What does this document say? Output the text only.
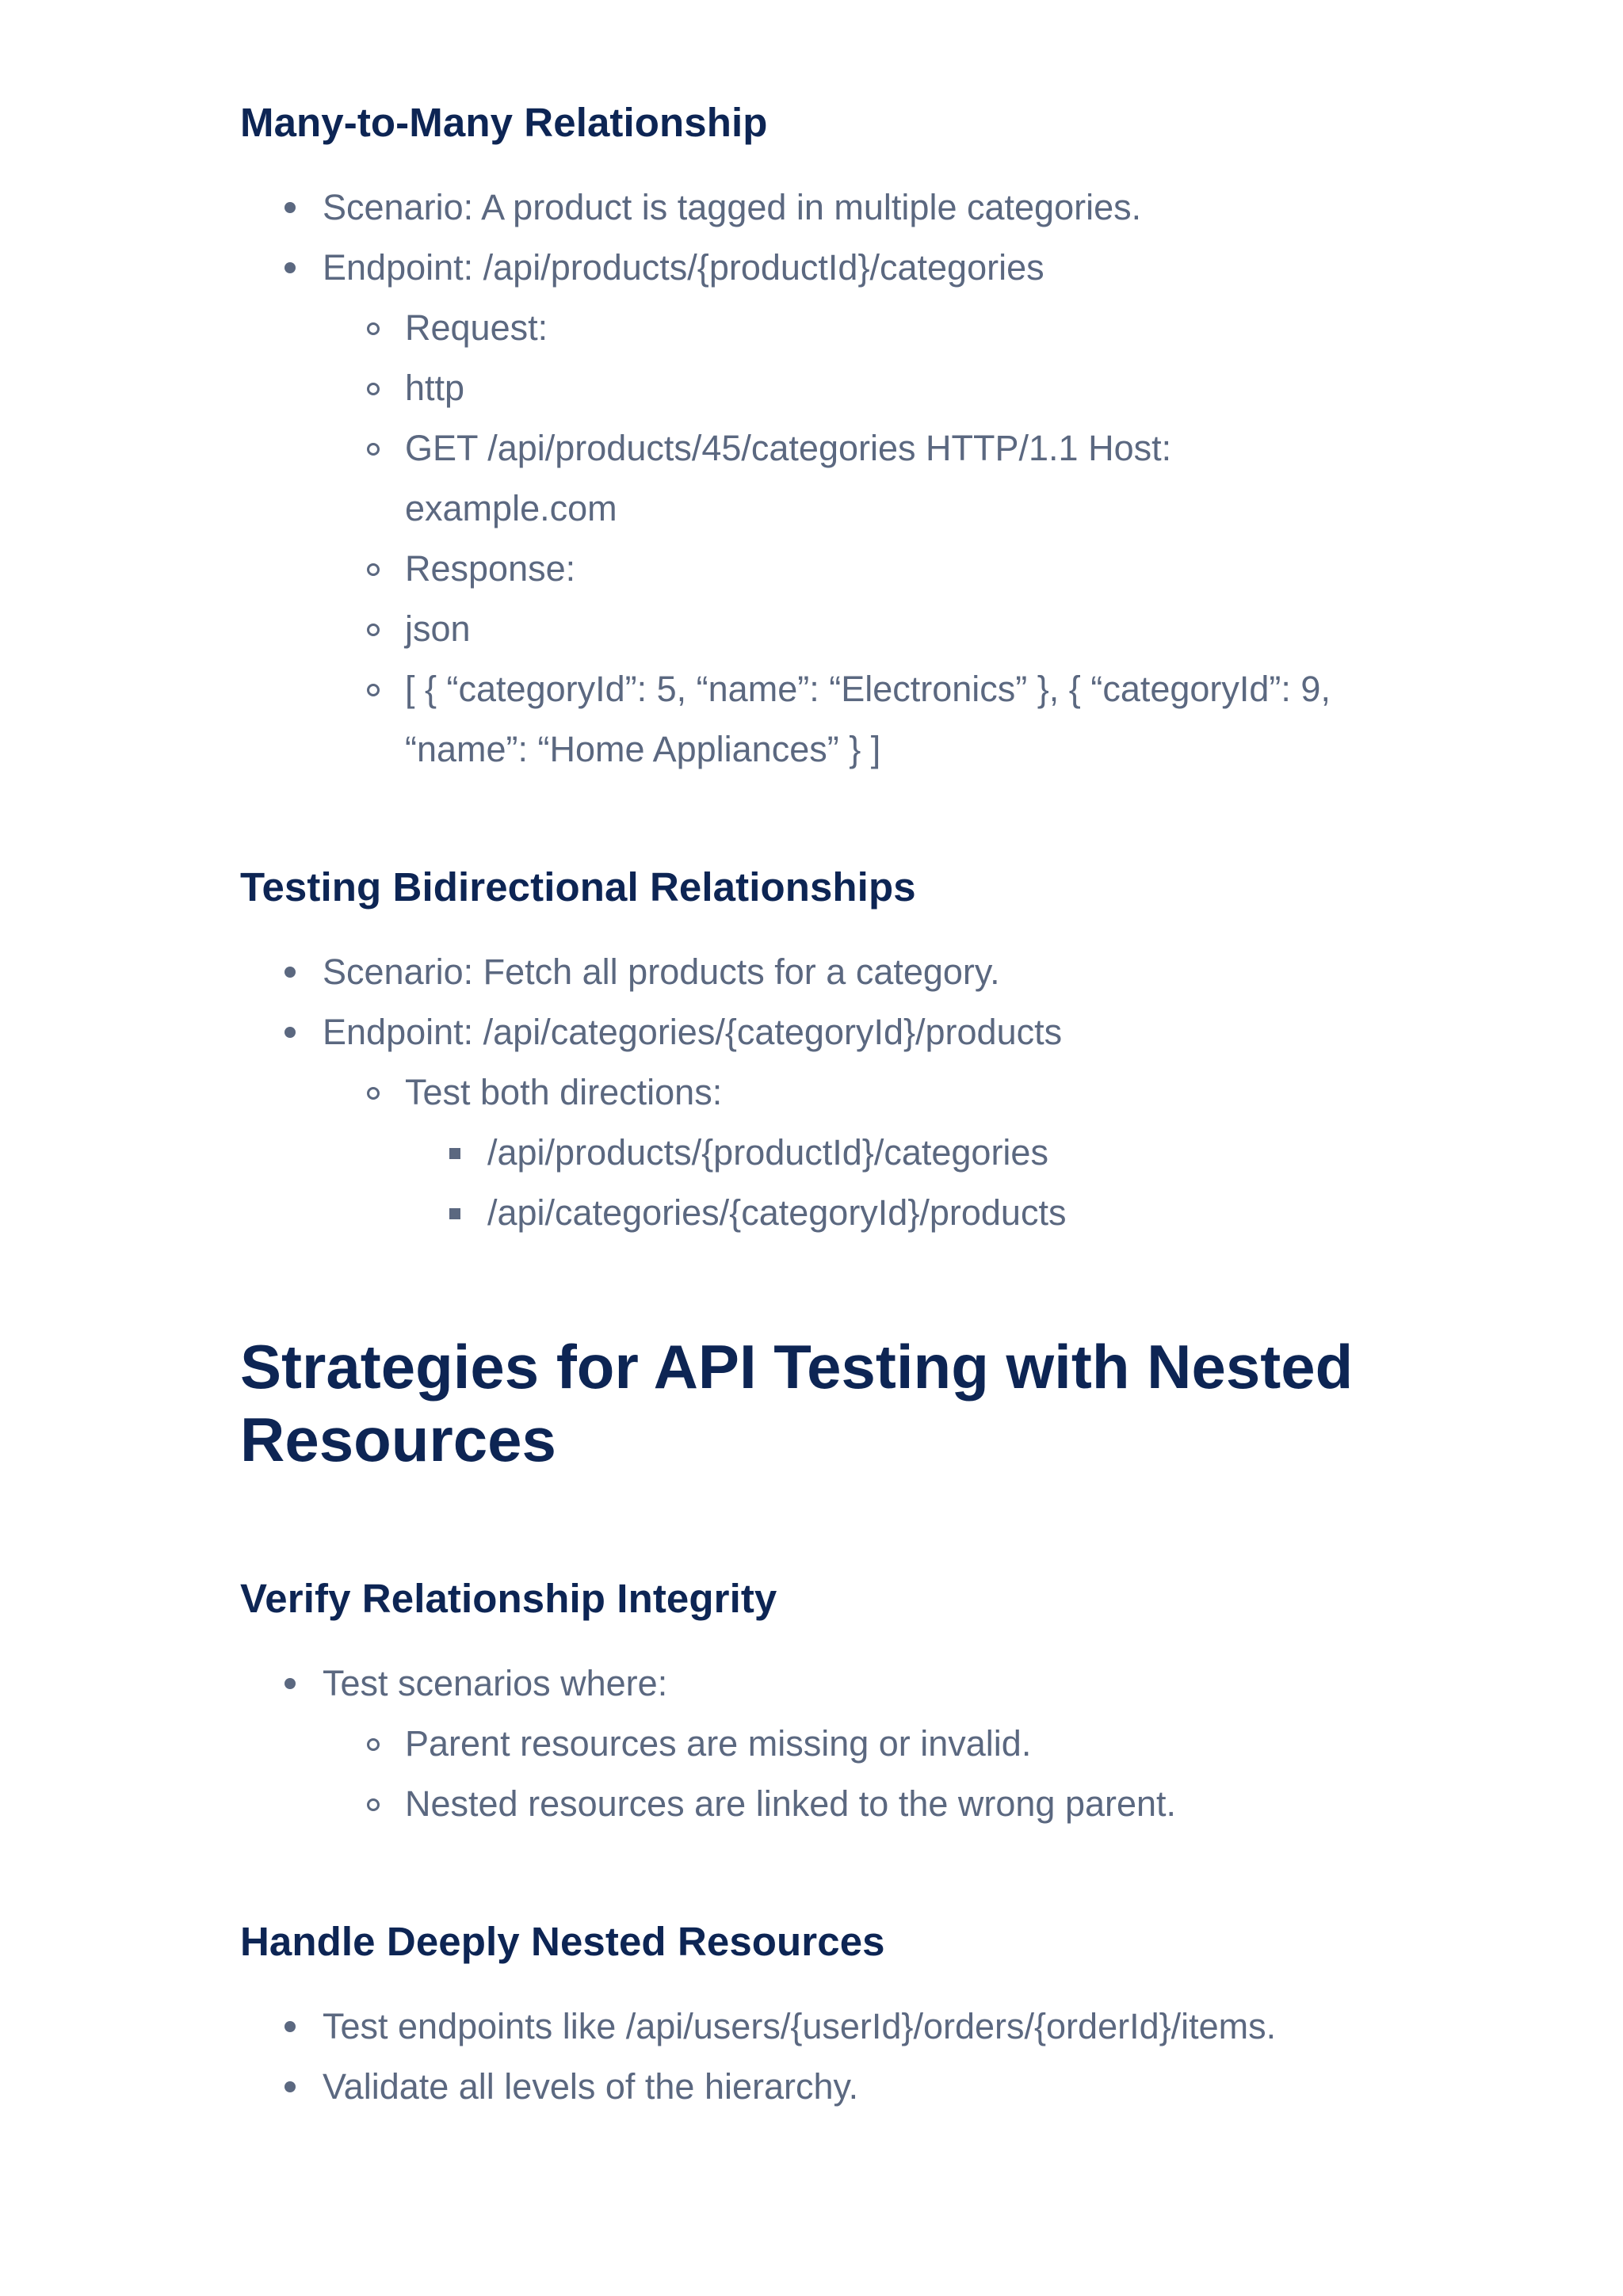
Many-to-Many Relationship
Scenario: A product is tagged in multiple categories.
Endpoint: /api/products/{productId}/categories
Request:
http
GET /api/products/45/categories HTTP/1.1 Host: example.com
Response:
json
[ { “categoryId”: 5, “name”: “Electronics” }, { “categoryId”: 9, “name”: “Home Appliances” } ]
Testing Bidirectional Relationships
Scenario: Fetch all products for a category.
Endpoint: /api/categories/{categoryId}/products
Test both directions:
/api/products/{productId}/categories
/api/categories/{categoryId}/products
Strategies for API Testing with Nested Resources
Verify Relationship Integrity
Test scenarios where:
Parent resources are missing or invalid.
Nested resources are linked to the wrong parent.
Handle Deeply Nested Resources
Test endpoints like /api/users/{userId}/orders/{orderId}/items.
Validate all levels of the hierarchy.
